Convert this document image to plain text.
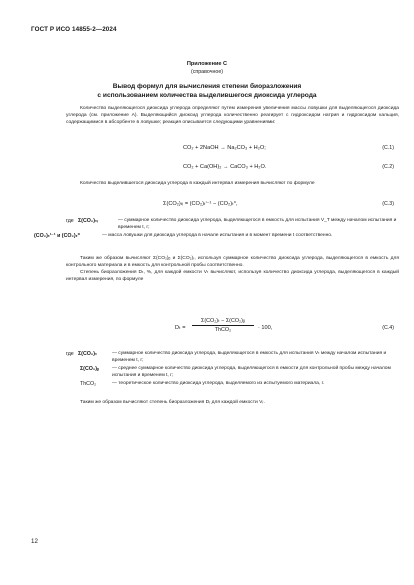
ГОСТ Р ИСО 14855-2—2024
Приложение С
(справочное)
Вывод формул для вычисления степени биоразложения
с использованием количества выделившегося диоксида углерода
Количество выделяющегося диоксида углерода определяют путем измерения увеличения массы ловушки для выделяющегося диоксида углерода (см. приложение А). Выделяющийся диоксид углерода количественно реагирует с гидроксидом натрия и гидроксидом кальция, содержащимися в абсорбенте в ловушке; реакция описывается следующими уравнениями:
CO₂ + 2NaOH → Na₂CO₃ + H₂O;	(С.1)
CO₂ + Ca(OH)₂ → CaCO₃ + H₂O.	(С.2)
Количество выделившегося диоксида углерода в каждый интервал измерения вычисляют по формуле
Σ(CO₂)ₜᵢ = (CO₂)ₜⁱ⁻¹ − (CO₂)ₜ⁰,	(С.3)
где Σ(CO₂)ₜᵢ	— суммарное количество диоксида углерода, выделяющегося в емкость для испытания V_T между началом испытания и временем t, г;
(CO₂)ₜⁱ⁻¹ и (CO₂)ₜ⁰	— масса ловушки для диоксида углерода в начале испытания и в момент времени t соответственно.
Таким же образом вычисляют Σ(CO₂)ᵦ и Σ(CO₂)ᵣ, используя суммарное количество диоксида углерода, выделяющегося в емкость для контрольного материала и в емкость для контрольной пробы соответственно.
Степень биоразложения Dₜ, %, для каждой емкости Vₜ вычисляют, используя количество диоксида углерода, выделяющегося в каждый интервал измерения, по формуле
Dₜ =
Σ(CO₂)ₜ − Σ(CO₂)ᵦ
ThCO₂	· 100,	(С.4)
где Σ(CO₂)ₜ	— суммарное количество диоксида углерода, выделяющегося в емкость для испытания Vₜ между началом испытания и временем t, г;
Σ(CO₂)ᵦ	— среднее суммарное количество диоксида углерода, выделяющегося в емкости для контрольной пробы между началом испытания и временем t, г;
ThCO₂	— теоретическое количество диоксида углерода, выделяемого из испытуемого материала, г.
Таким же образом вычисляют степень биоразложения Dᵣ для каждой емкости Vᵣ.
12
